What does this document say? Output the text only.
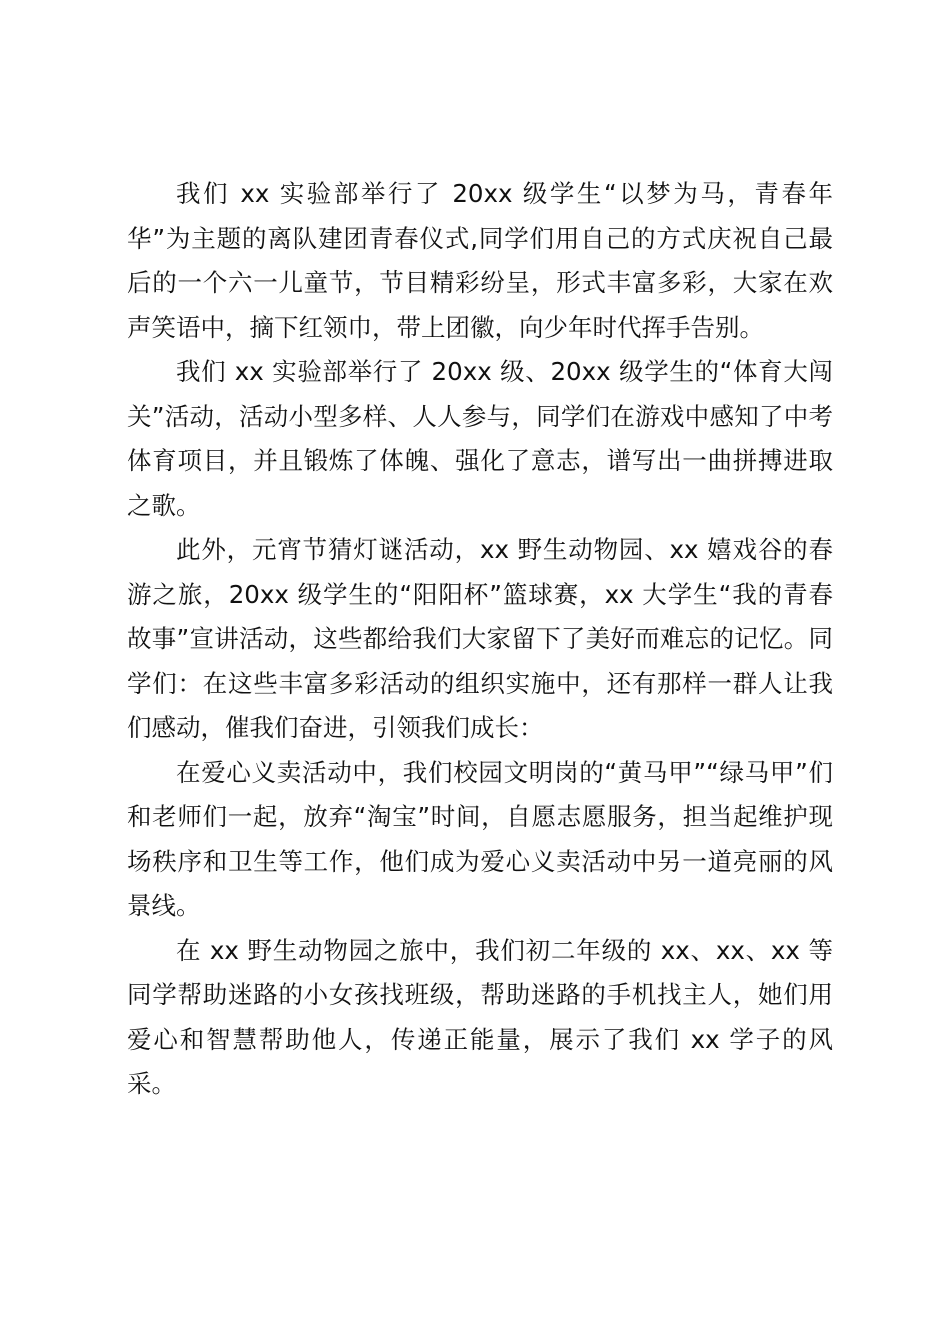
我们 xx 实验部举行了 20xx 级学生“以梦为马，青春年华”为主题的离队建团青春仪式,同学们用自己的方式庆祝自己最后的一个六一儿童节，节目精彩纷呈，形式丰富多彩，大家在欢声笑语中，摘下红领巾，带上团徽，向少年时代挥手告别。

我们 xx 实验部举行了 20xx 级、20xx 级学生的“体育大闯关”活动，活动小型多样、人人参与，同学们在游戏中感知了中考体育项目，并且锻炼了体魄、强化了意志，谱写出一曲拼搏进取之歌。

此外，元宵节猜灯谜活动，xx 野生动物园、xx 嬉戏谷的春游之旅，20xx 级学生的“阳阳杯”篮球赛，xx 大学生“我的青春故事”宣讲活动，这些都给我们大家留下了美好而难忘的记忆。同学们：在这些丰富多彩活动的组织实施中，还有那样一群人让我们感动，催我们奋进，引领我们成长：

在爱心义卖活动中，我们校园文明岗的“黄马甲”“绿马甲”们和老师们一起，放弃“淘宝”时间，自愿志愿服务，担当起维护现场秩序和卫生等工作，他们成为爱心义卖活动中另一道亮丽的风景线。

在 xx 野生动物园之旅中，我们初二年级的 xx、xx、xx 等同学帮助迷路的小女孩找班级，帮助迷路的手机找主人，她们用爱心和智慧帮助他人，传递正能量，展示了我们 xx 学子的风采。
